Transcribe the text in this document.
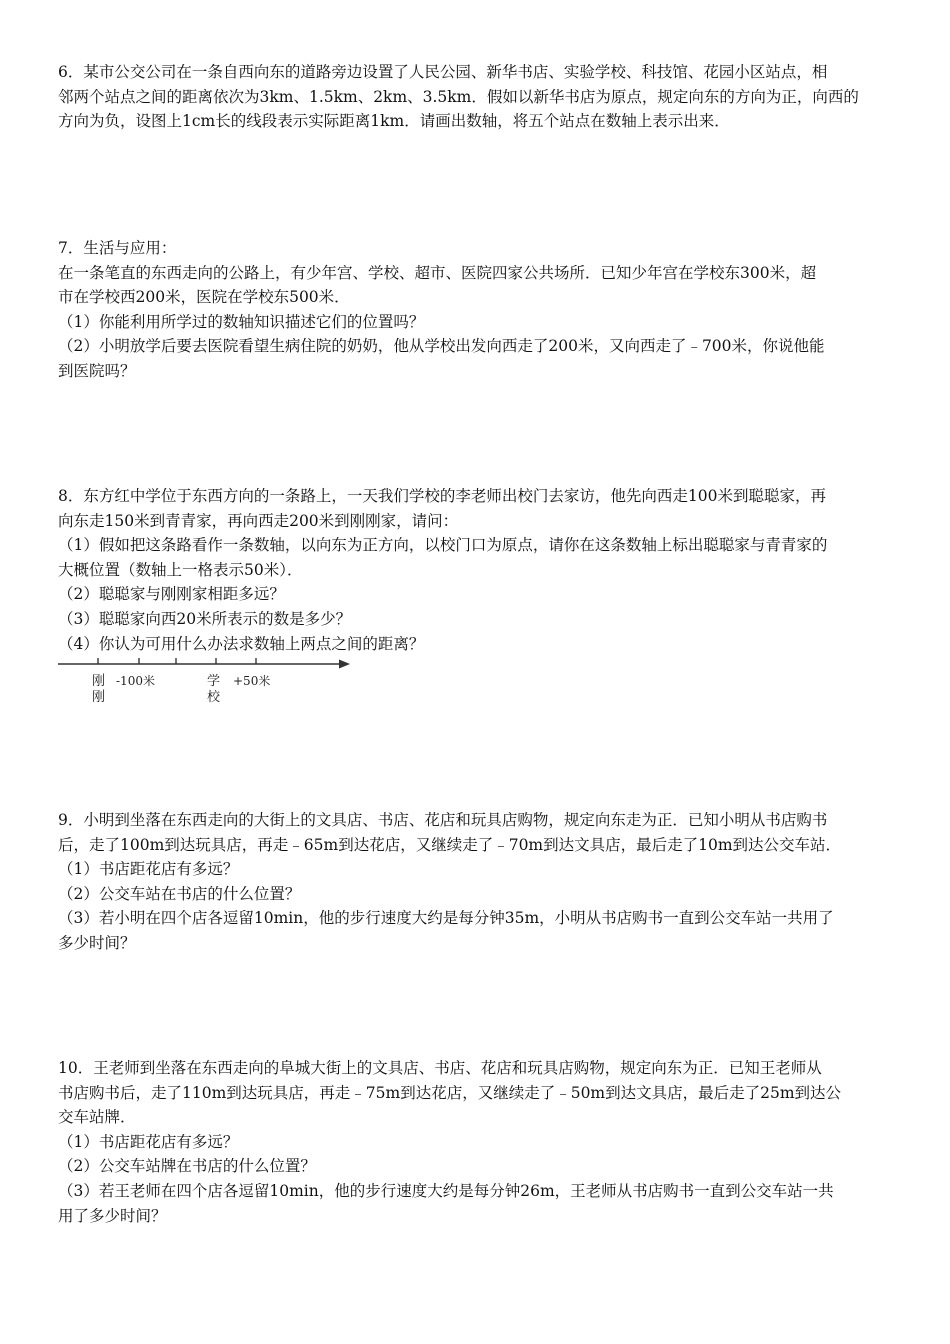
6．某市公交公司在一条自西向东的道路旁边设置了人民公园、新华书店、实验学校、科技馆、花园小区站点，相
邻两个站点之间的距离依次为3km、1.5km、2km、3.5km．假如以新华书店为原点，规定向东的方向为正，向西的
方向为负，设图上1cm长的线段表示实际距离1km．请画出数轴，将五个站点在数轴上表示出来．
7．生活与应用：
在一条笔直的东西走向的公路上，有少年宫、学校、超市、医院四家公共场所．已知少年宫在学校东300米，超
市在学校西200米，医院在学校东500米．
（1）你能利用所学过的数轴知识描述它们的位置吗？
（2）小明放学后要去医院看望生病住院的奶奶，他从学校出发向西走了200米，又向西走了﹣700米，你说他能
到医院吗？
8．东方红中学位于东西方向的一条路上，一天我们学校的李老师出校门去家访，他先向西走100米到聪聪家，再
向东走150米到青青家，再向西走200米到刚刚家，请问：
（1）假如把这条路看作一条数轴，以向东为正方向，以校门口为原点，请你在这条数轴上标出聪聪家与青青家的
大概位置（数轴上一格表示50米）．
（2）聪聪家与刚刚家相距多远？
（3）聪聪家向西20米所表示的数是多少？
（4）你认为可用什么办法求数轴上两点之间的距离？
刚
刚
-100米	学
校
+50米
9．小明到坐落在东西走向的大街上的文具店、书店、花店和玩具店购物，规定向东走为正．已知小明从书店购书
后，走了100m到达玩具店，再走﹣65m到达花店，又继续走了﹣70m到达文具店，最后走了10m到达公交车站．
（1）书店距花店有多远？
（2）公交车站在书店的什么位置？
（3）若小明在四个店各逗留10min，他的步行速度大约是每分钟35m，小明从书店购书一直到公交车站一共用了
多少时间？
10．王老师到坐落在东西走向的阜城大街上的文具店、书店、花店和玩具店购物，规定向东为正．已知王老师从
书店购书后，走了110m到达玩具店，再走﹣75m到达花店，又继续走了﹣50m到达文具店，最后走了25m到达公
交车站牌．
（1）书店距花店有多远？
（2）公交车站牌在书店的什么位置？
（3）若王老师在四个店各逗留10min，他的步行速度大约是每分钟26m，王老师从书店购书一直到公交车站一共
用了多少时间？
